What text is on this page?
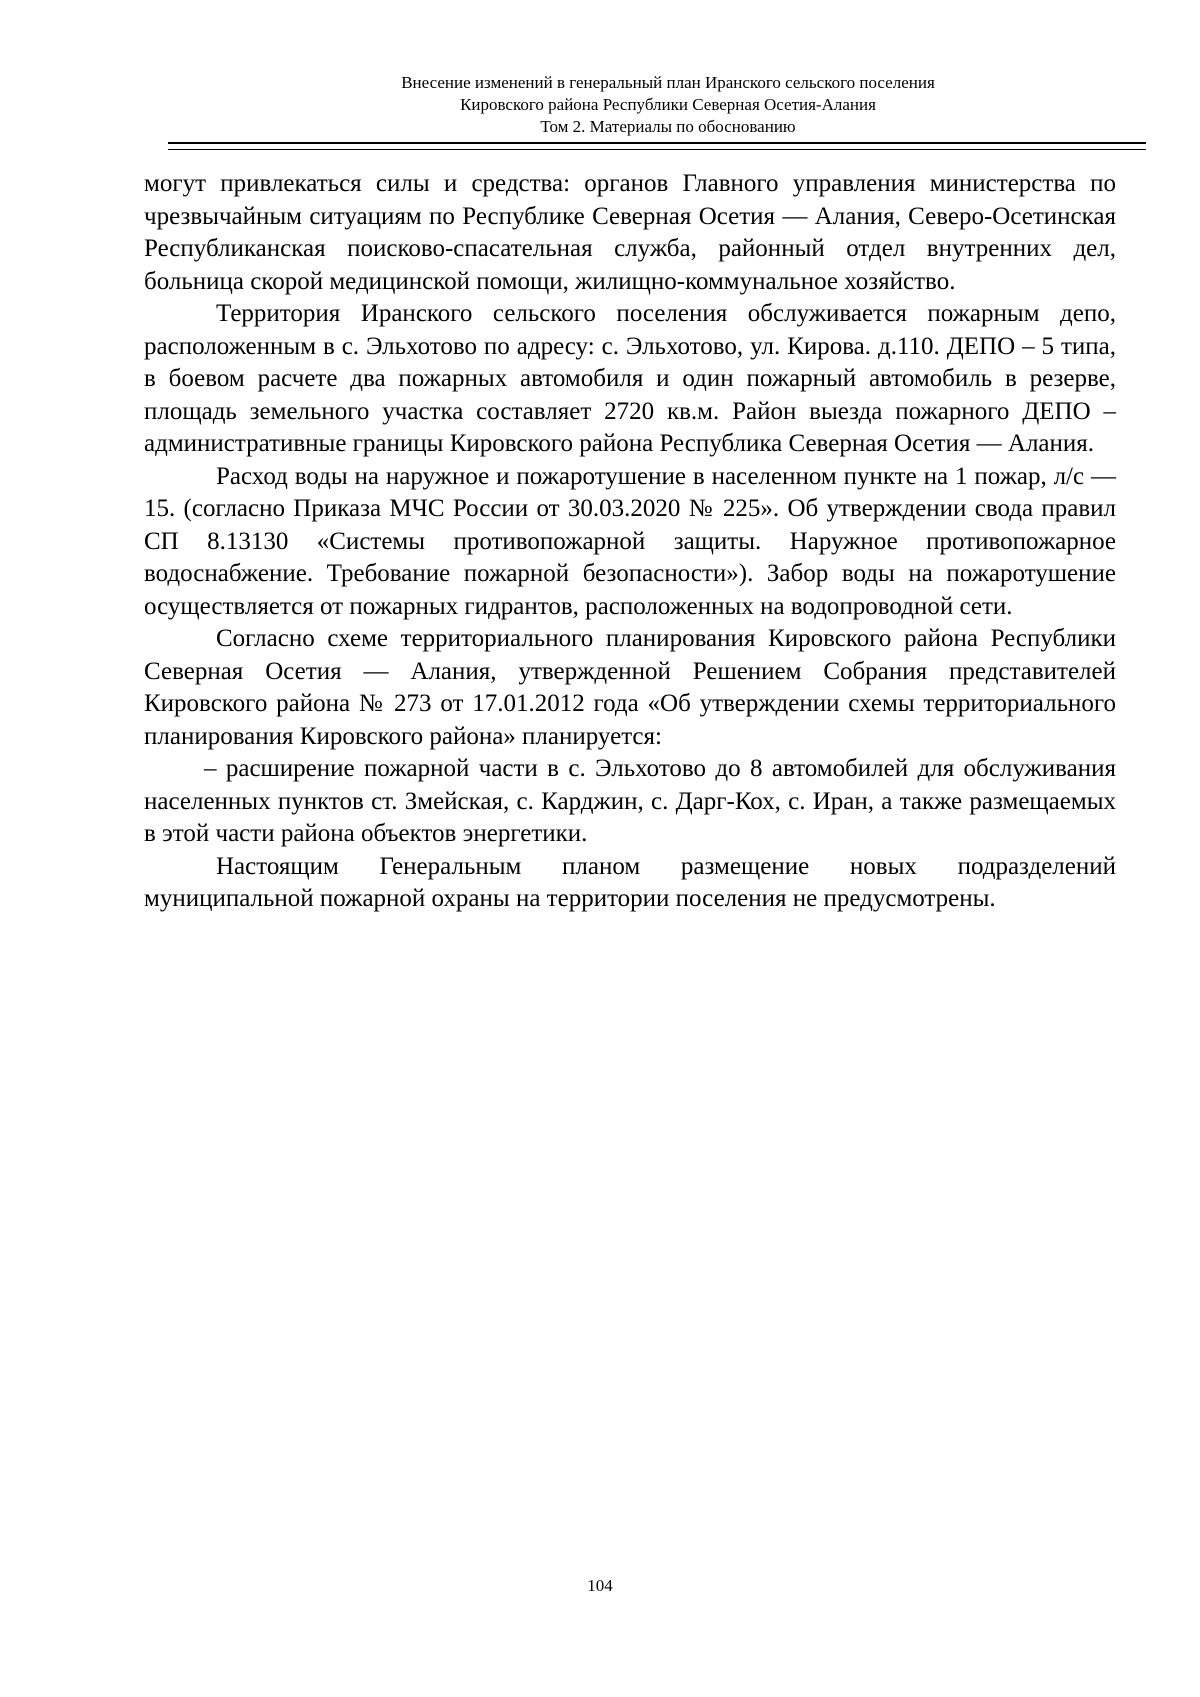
Внесение изменений в генеральный план Иранского сельского поселения
Кировского района Республики Северная Осетия-Алания
Том 2. Материалы по обоснованию

могут привлекаться силы и средства: органов Главного управления министерства по чрезвычайным ситуациям по Республике Северная Осетия — Алания, Северо-Осетинская Республиканская поисково-спасательная служба, районный отдел внутренних дел, больница скорой медицинской помощи, жилищно-коммунальное хозяйство.

Территория Иранского сельского поселения обслуживается пожарным депо, расположенным в с. Эльхотово по адресу: с. Эльхотово, ул. Кирова. д.110. ДЕПО – 5 типа, в боевом расчете два пожарных автомобиля и один пожарный автомобиль в резерве, площадь земельного участка составляет 2720 кв.м. Район выезда пожарного ДЕПО – административные границы Кировского района Республика Северная Осетия — Алания.

Расход воды на наружное и пожаротушение в населенном пункте на 1 пожар, л/с — 15. (согласно Приказа МЧС России от 30.03.2020 № 225». Об утверждении свода правил СП 8.13130 «Системы противопожарной защиты. Наружное противопожарное водоснабжение. Требование пожарной безопасности»). Забор воды на пожаротушение осуществляется от пожарных гидрантов, расположенных на водопроводной сети.

Согласно схеме территориального планирования Кировского района Республики Северная Осетия — Алания, утвержденной Решением Собрания представителей Кировского района № 273 от 17.01.2012 года «Об утверждении схемы территориального планирования Кировского района» планируется:

– расширение пожарной части в с. Эльхотово до 8 автомобилей для обслуживания населенных пунктов ст. Змейская, с. Карджин, с. Дарг-Кох, с. Иран, а также размещаемых в этой части района объектов энергетики.

Настоящим Генеральным планом размещение новых подразделений муниципальной пожарной охраны на территории поселения не предусмотрены.

104
